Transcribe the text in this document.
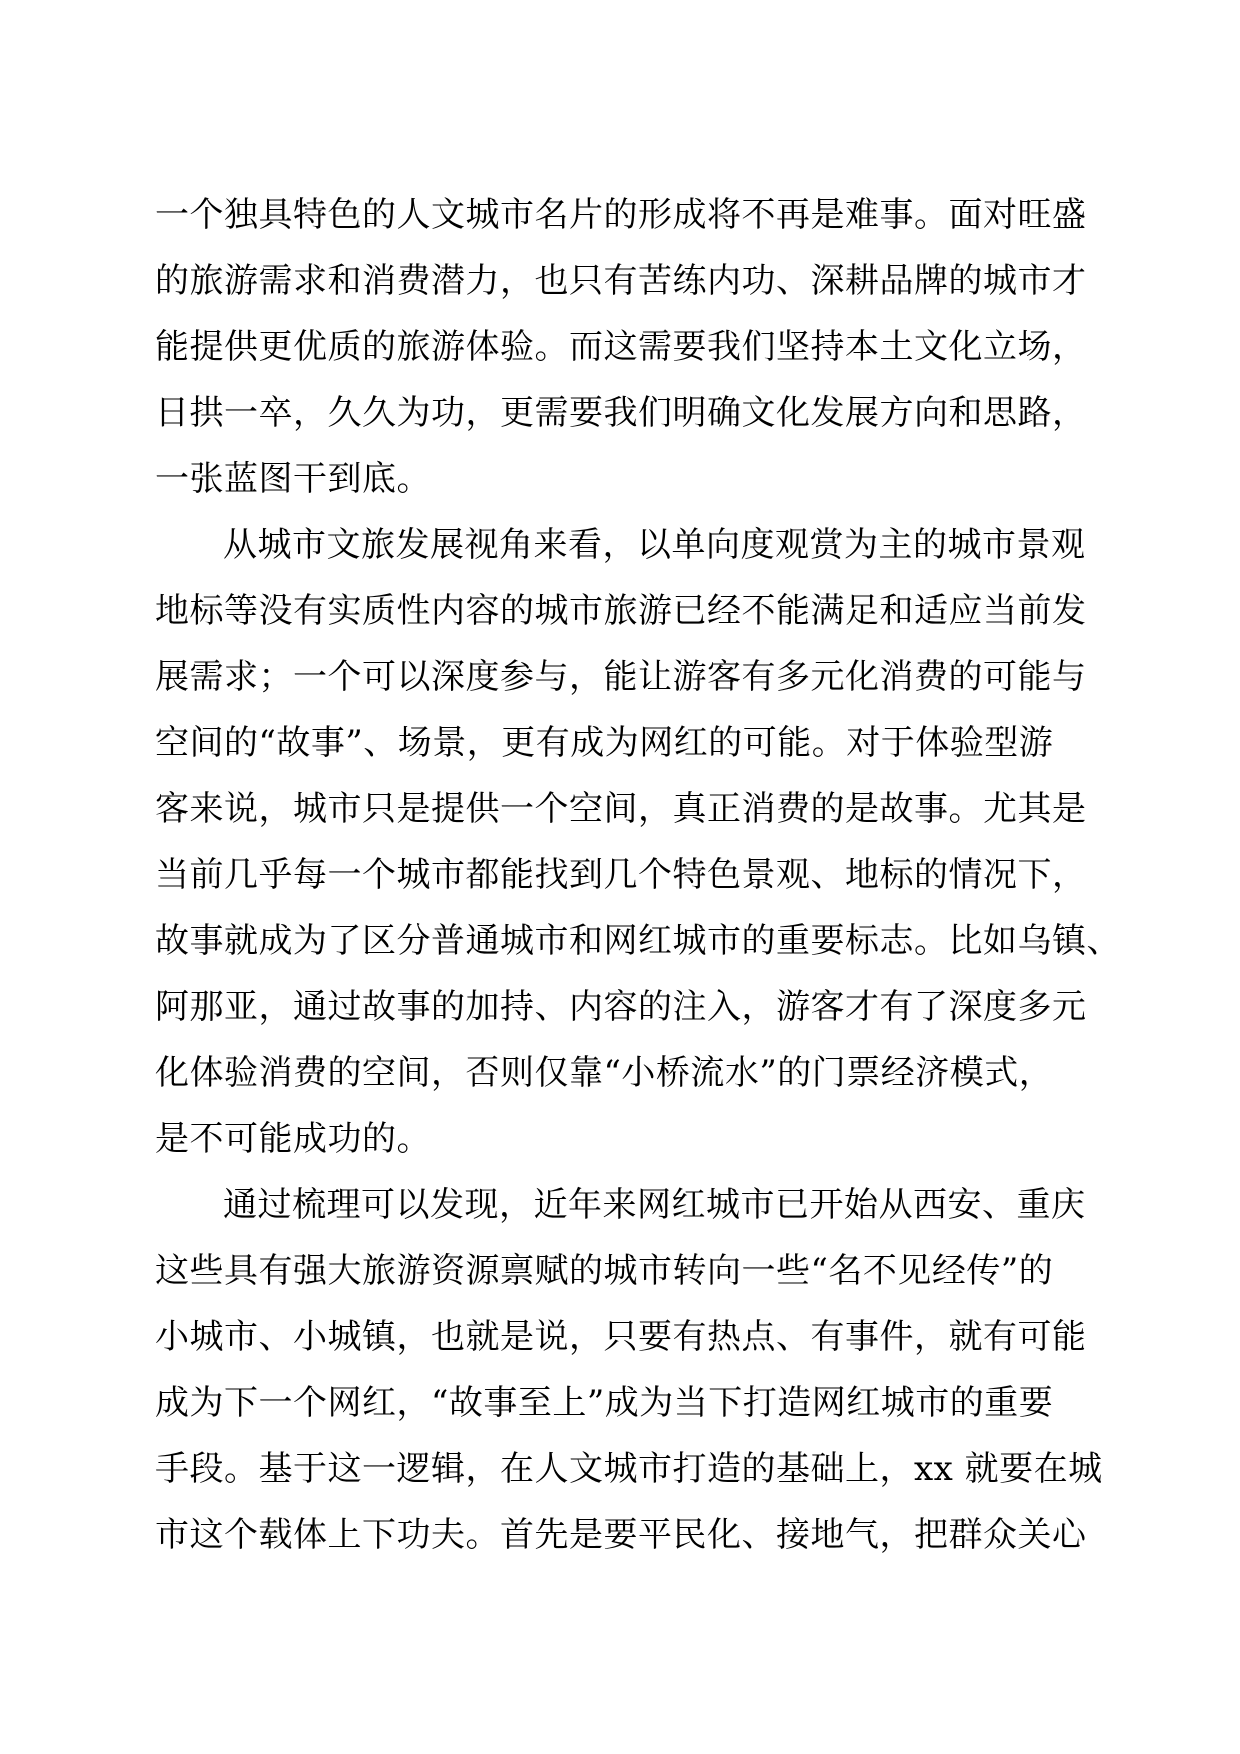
一个独具特色的人文城市名片的形成将不再是难事。面对旺盛
的旅游需求和消费潜力，也只有苦练内功、深耕品牌的城市才
能提供更优质的旅游体验。而这需要我们坚持本土文化立场，
日拱一卒，久久为功，更需要我们明确文化发展方向和思路，
一张蓝图干到底。
从城市文旅发展视角来看，以单向度观赏为主的城市景观
地标等没有实质性内容的城市旅游已经不能满足和适应当前发
展需求；一个可以深度参与，能让游客有多元化消费的可能与
空间的“故事”、场景，更有成为网红的可能。对于体验型游
客来说，城市只是提供一个空间，真正消费的是故事。尤其是
当前几乎每一个城市都能找到几个特色景观、地标的情况下，
故事就成为了区分普通城市和网红城市的重要标志。比如乌镇、
阿那亚，通过故事的加持、内容的注入，游客才有了深度多元
化体验消费的空间，否则仅靠“小桥流水”的门票经济模式，
是不可能成功的。
通过梳理可以发现，近年来网红城市已开始从西安、重庆
这些具有强大旅游资源禀赋的城市转向一些“名不见经传”的
小城市、小城镇，也就是说，只要有热点、有事件，就有可能
成为下一个网红，“故事至上”成为当下打造网红城市的重要
手段。基于这一逻辑，在人文城市打造的基础上，xx 就要在城
市这个载体上下功夫。首先是要平民化、接地气，把群众关心
